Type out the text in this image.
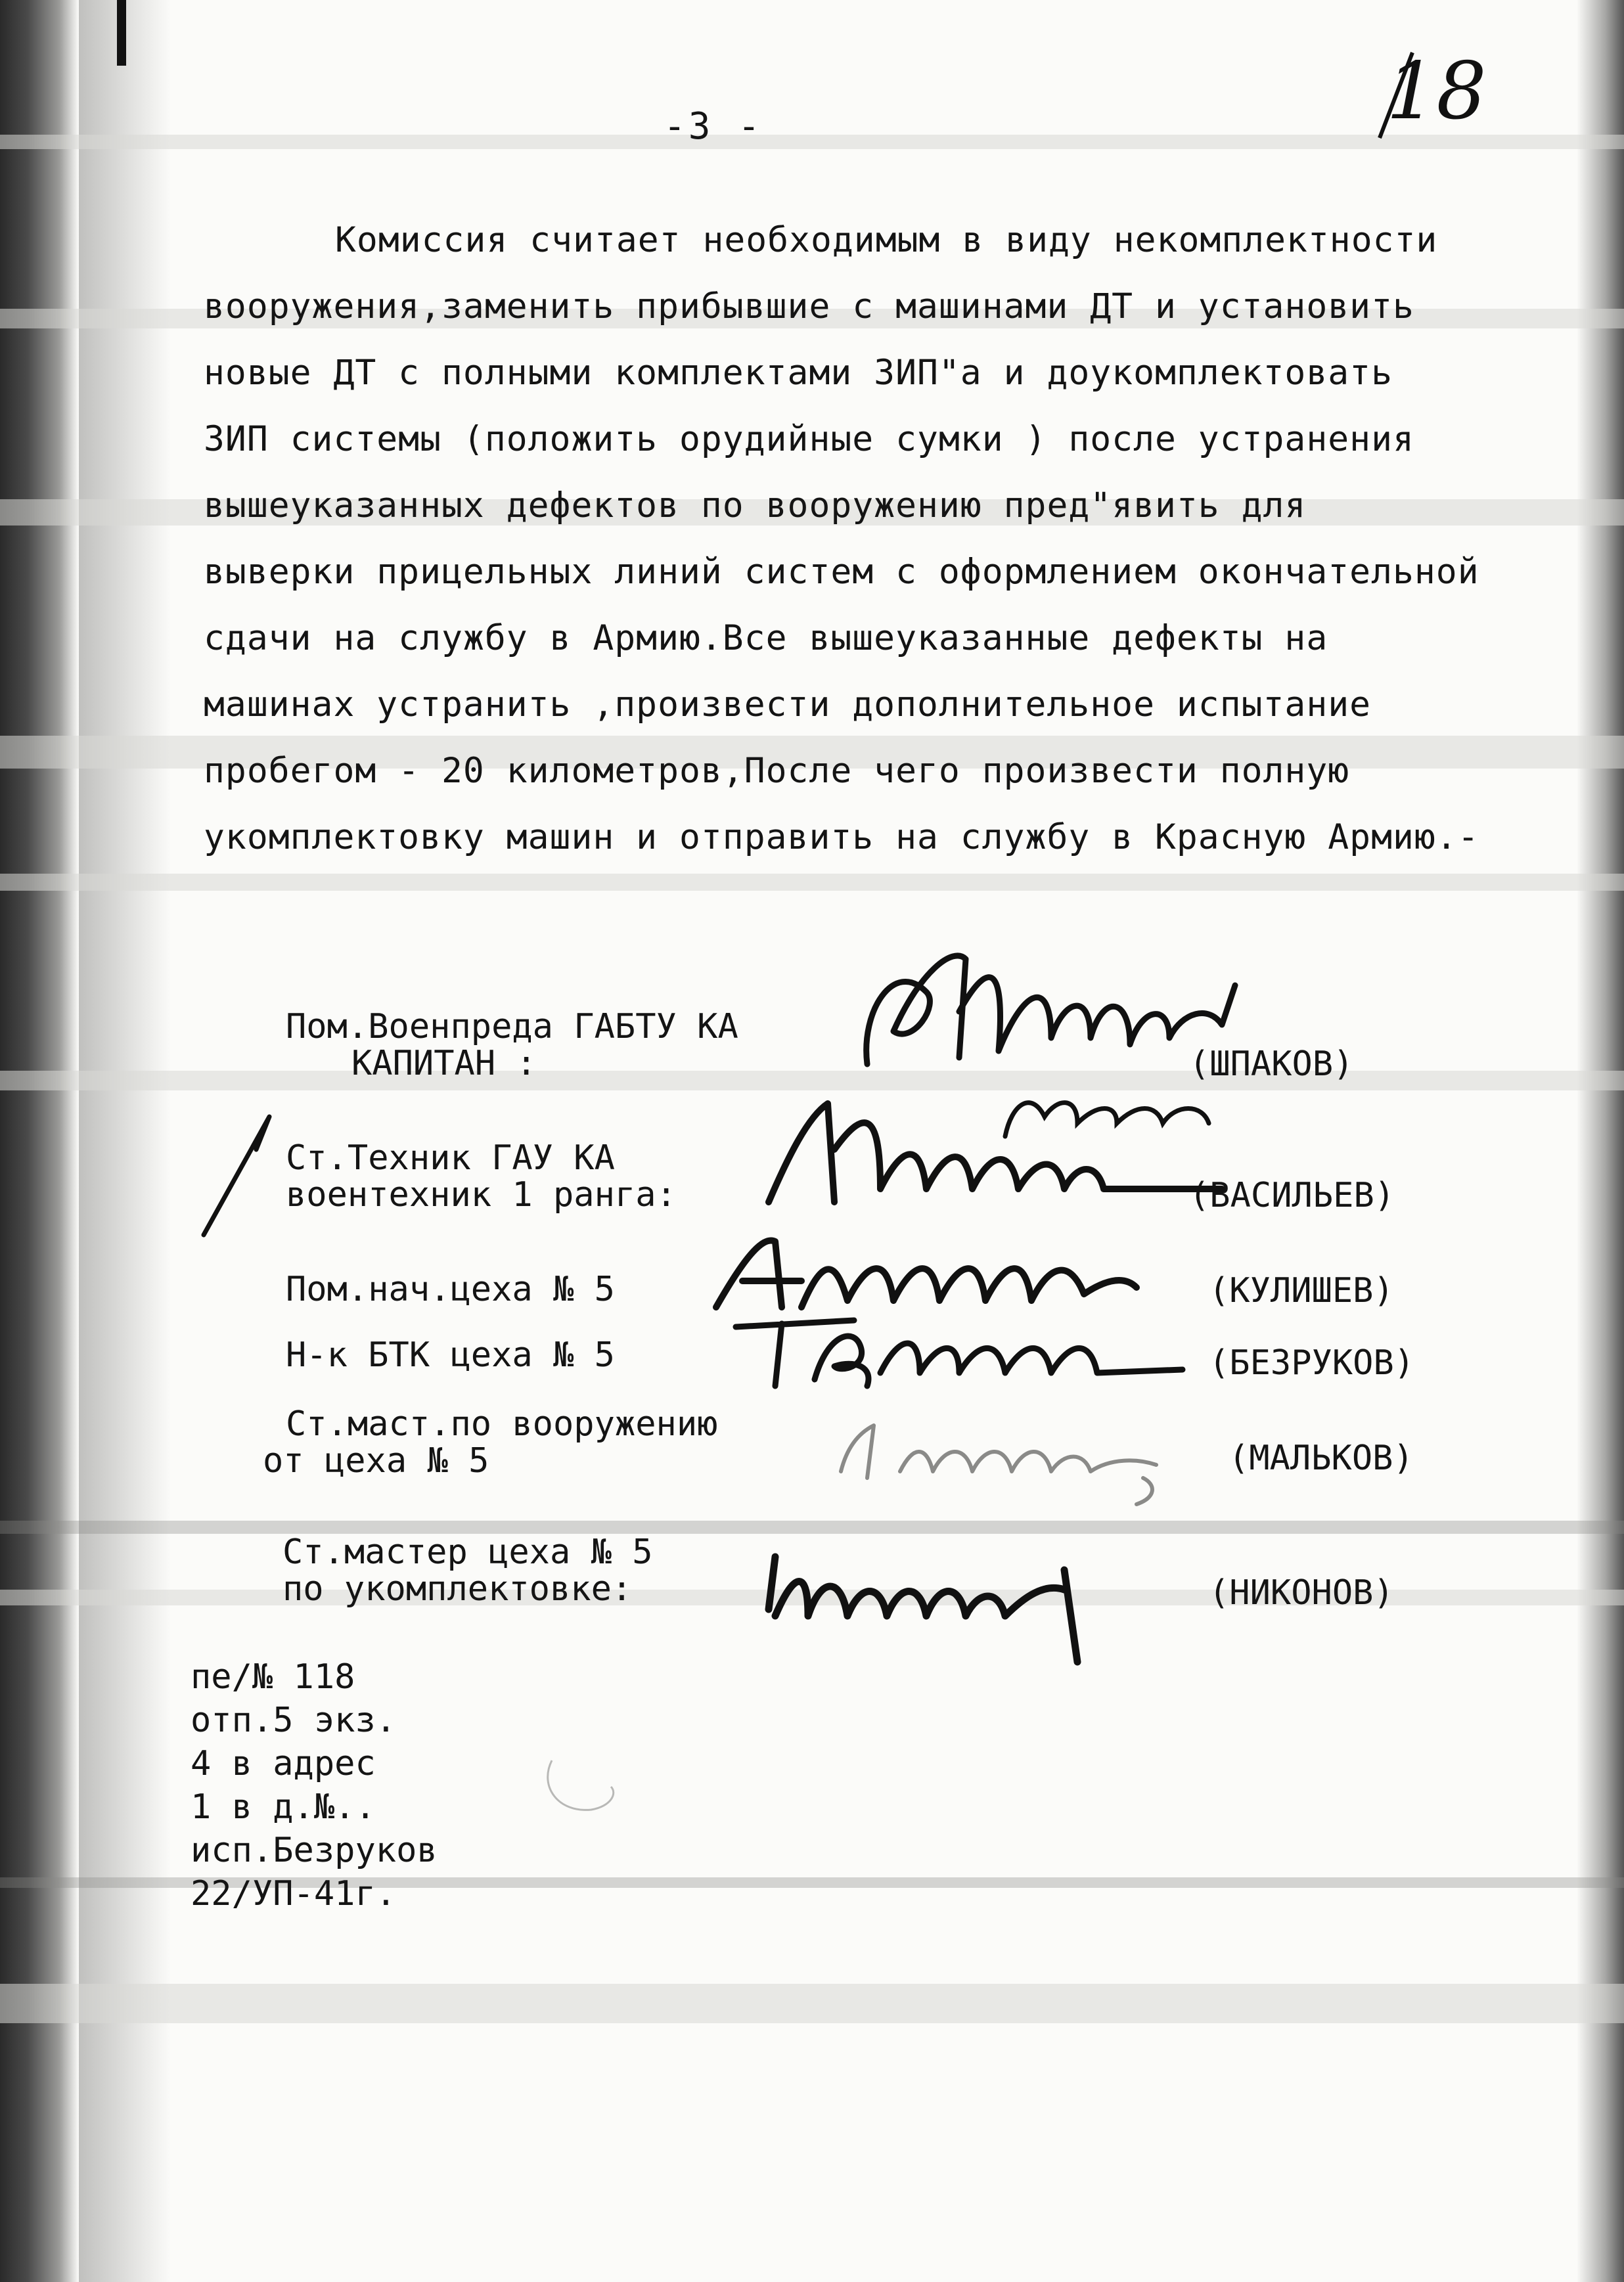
-3 -	18
Комиссия считает необходимым в виду некомплектности
вооружения,заменить прибывшие с машинами ДТ и установить
новые ДТ с полными комплектами ЗИП"а и доукомплектовать
ЗИП системы (положить орудийные сумки ) после устранения
вышеуказанных дефектов по вооружению пред"явить для
выверки прицельных линий систем с оформлением окончательной
сдачи на службу в Армию.Все вышеуказанные дефекты на
машинах устранить ,произвести дополнительное испытание
пробегом - 20 километров,После чего произвести полную
укомплектовку машин и отправить на службу в Красную Армию.-
Пом.Военпреда ГАБТУ КА
КАПИТАН :	(ШПАКОВ)
Ст.Техник ГАУ КА
воентехник 1 ранга:	(ВАСИЛЬЕВ)
Пом.нач.цеха № 5	(КУЛИШЕВ)
Н-к БТК цеха № 5	(БЕЗРУКОВ)
Ст.маст.по вооружению
от цеха № 5	(МАЛЬКОВ)
Ст.мастер цеха № 5
по укомплектовке:	(НИКОНОВ)
пе/№ 118
отп.5 экз.
4 в адрес
1 в д.№..
исп.Безруков
22/УП-41г.
